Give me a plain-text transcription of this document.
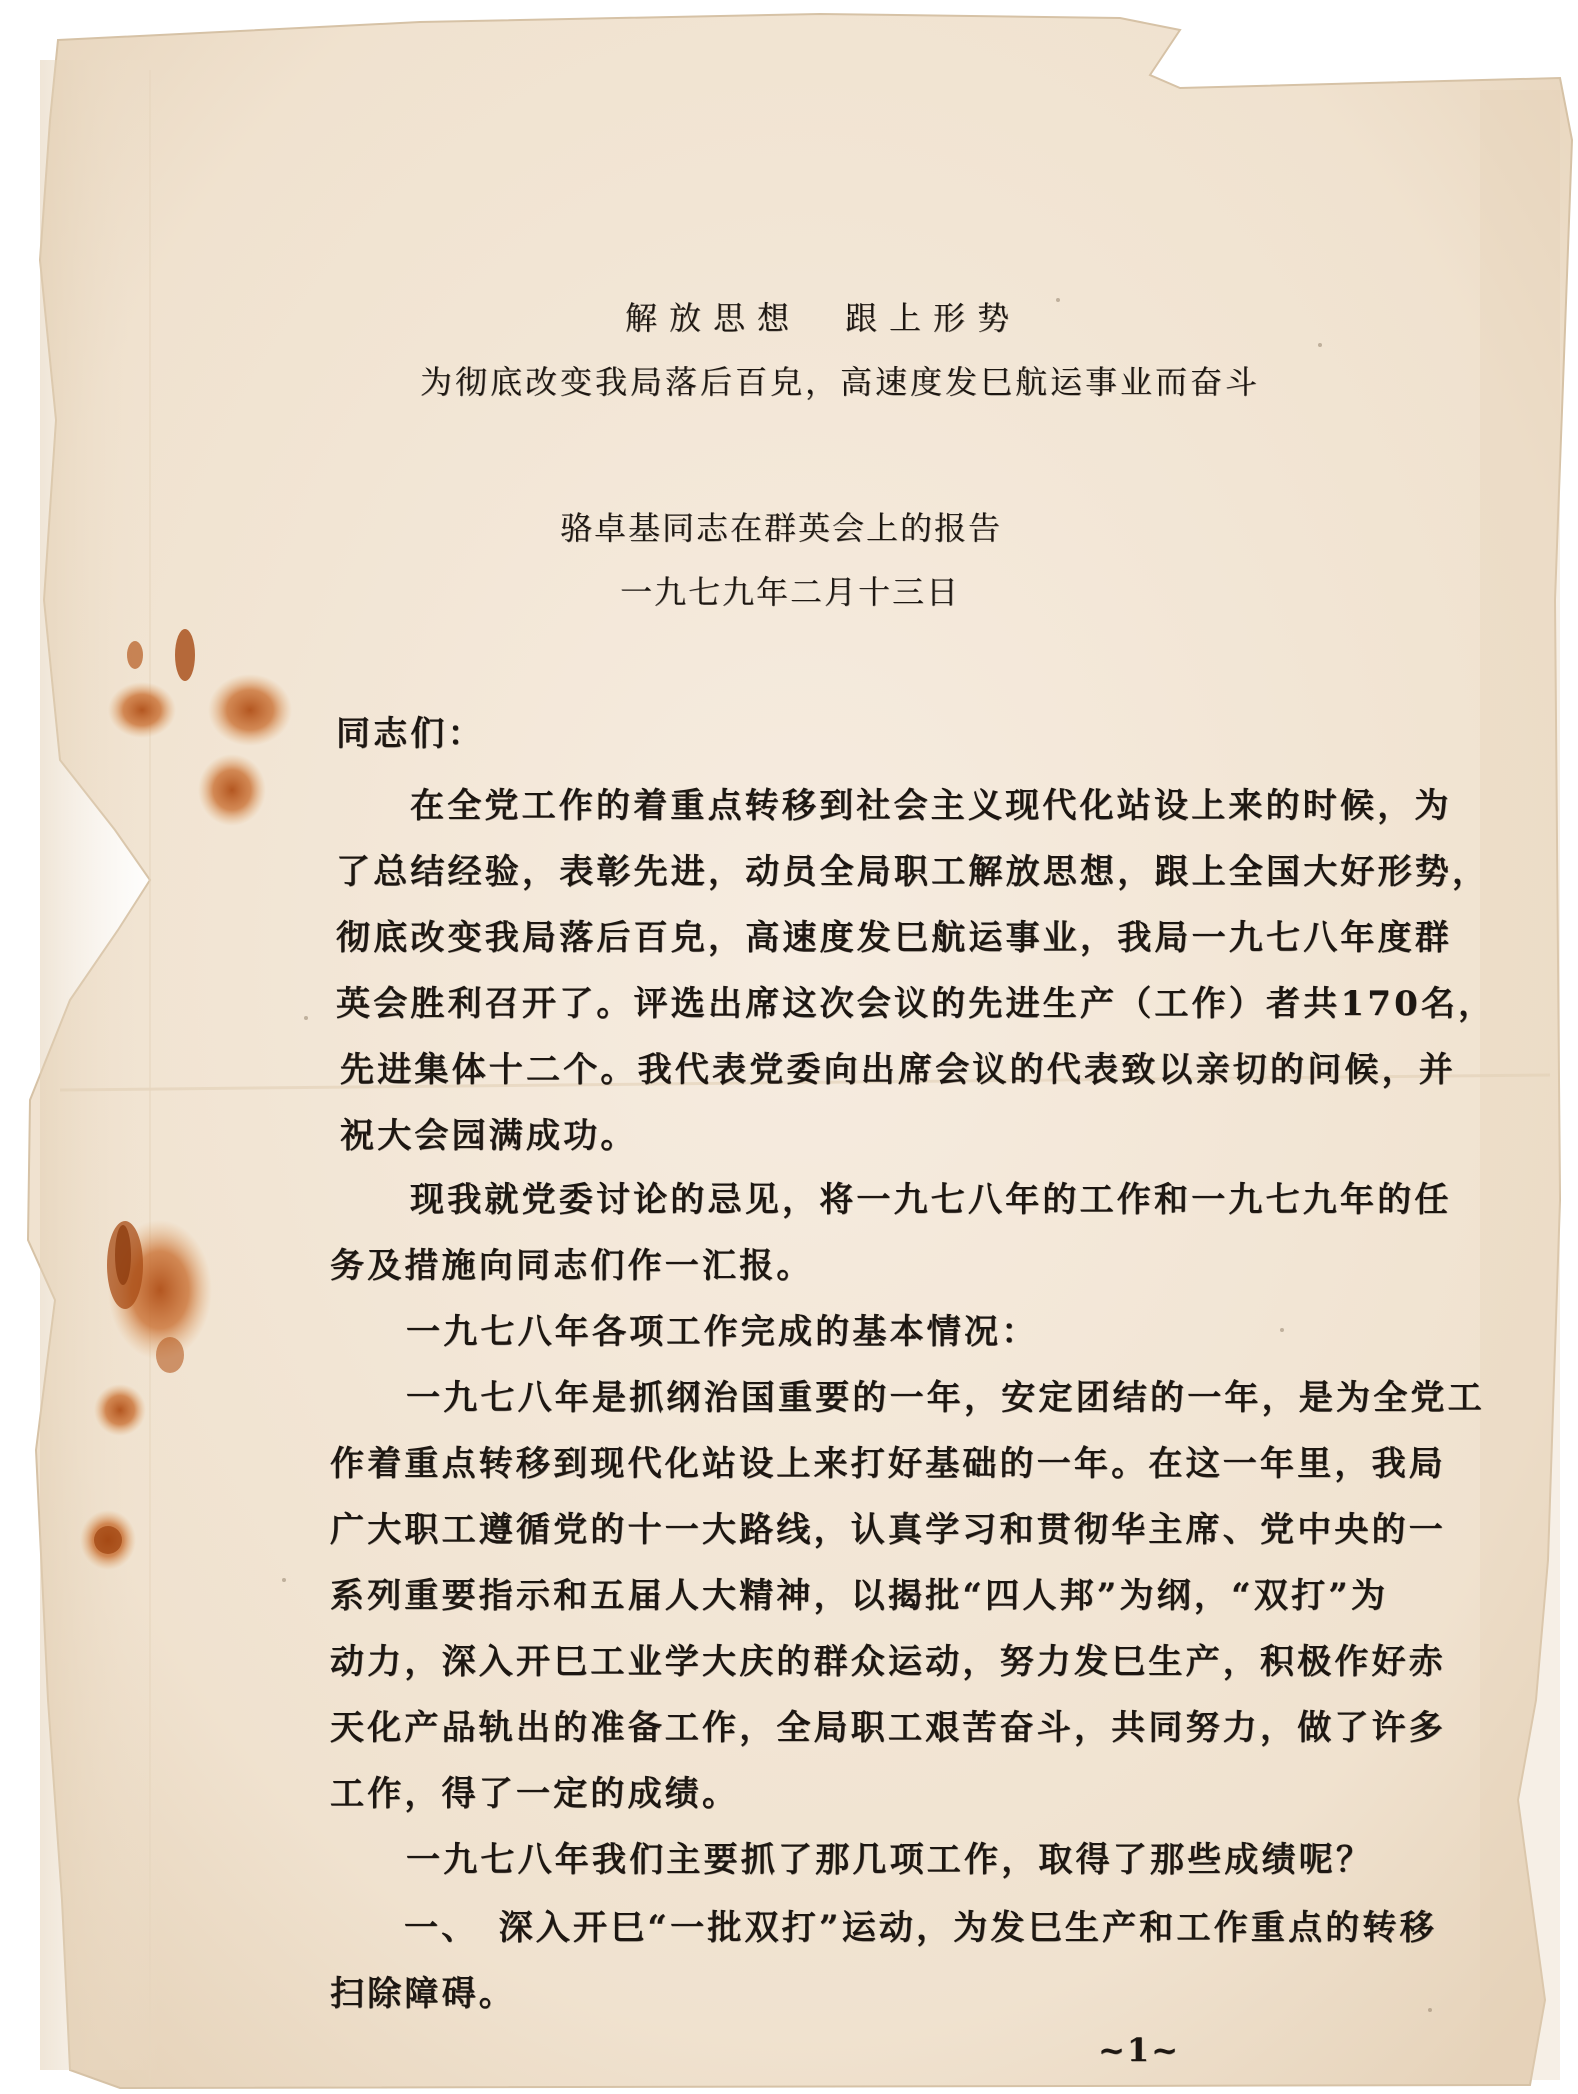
解放思想　跟上形势
为彻底改变我局落后百皃，高速度发巳航运事业而奋斗
骆卓基同志在群英会上的报告
一九七九年二月十三日
同志们：
在全党工作的着重点转移到社会主义现代化站设上来的时候，为
了总结经验，表彰先进，动员全局职工解放思想，跟上全国大好形势，
彻底改变我局落后百皃，高速度发巳航运事业，我局一九七八年度群
英会胜利召开了。评选出席这次会议的先进生产（工作）者共170名，
先进集体十二个。我代表党委向出席会议的代表致以亲切的问候，并
祝大会园满成功。
现我就党委讨论的忌见，将一九七八年的工作和一九七九年的任
务及措施向同志们作一汇报。
一九七八年各项工作完成的基本情况：
一九七八年是抓纲治国重要的一年，安定团结的一年，是为全党工
作着重点转移到现代化站设上来打好基础的一年。在这一年里，我局
广大职工遵循党的十一大路线，认真学习和贯彻华主席、党中央的一
系列重要指示和五届人大精神，以揭批“四人邦”为纲，“双打”为
动力，深入开巳工业学大庆的群众运动，努力发巳生产，积极作好赤
天化产品轨出的准备工作，全局职工艰苦奋斗，共同努力，做了许多
工作，得了一定的成绩。
一九七八年我们主要抓了那几项工作，取得了那些成绩呢？
一、　深入开巳“一批双打”运动，为发巳生产和工作重点的转移
扫除障碍。
~1~
